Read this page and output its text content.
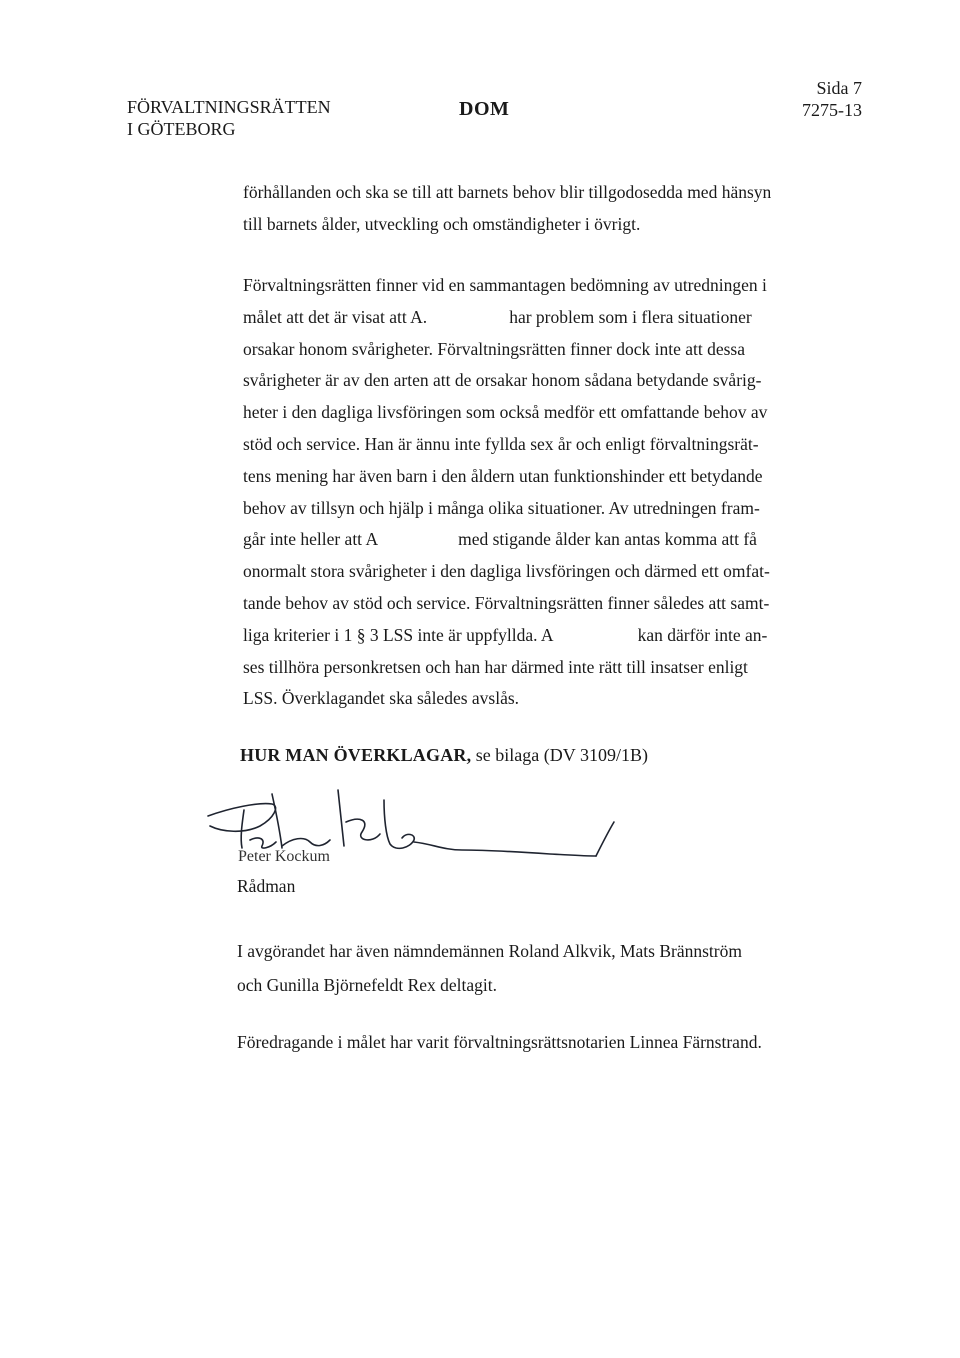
FÖRVALTNINGSRÄTTEN
I GÖTEBORG
DOM
Sida 7
7275-13
förhållanden och ska se till att barnets behov blir tillgodosedda med hänsyn
till barnets ålder, utveckling och omständigheter i övrigt.
Förvaltningsrätten finner vid en sammantagen bedömning av utredningen i
målet att det är visat att A.	har problem som i flera situationer
orsakar honom svårigheter. Förvaltningsrätten finner dock inte att dessa
svårigheter är av den arten att de orsakar honom sådana betydande svårig-
heter i den dagliga livsföringen som också medför ett omfattande behov av
stöd och service. Han är ännu inte fyllda sex år och enligt förvaltningsrät-
tens mening har även barn i den åldern utan funktionshinder ett betydande
behov av tillsyn och hjälp i många olika situationer. Av utredningen fram-
går inte heller att A	med stigande ålder kan antas komma att få
onormalt stora svårigheter i den dagliga livsföringen och därmed ett omfat-
tande behov av stöd och service. Förvaltningsrätten finner således att samt-
liga kriterier i 1 § 3 LSS inte är uppfyllda. A	kan därför inte an-
ses tillhöra personkretsen och han har därmed inte rätt till insatser enligt
LSS. Överklagandet ska således avslås.
HUR MAN ÖVERKLAGAR, se bilaga (DV 3109/1B)
Peter Kockum
Rådman
I avgörandet har även nämndemännen Roland Alkvik, Mats Brännström
och Gunilla Björnefeldt Rex deltagit.
Föredragande i målet har varit förvaltningsrättsnotarien Linnea Färnstrand.
